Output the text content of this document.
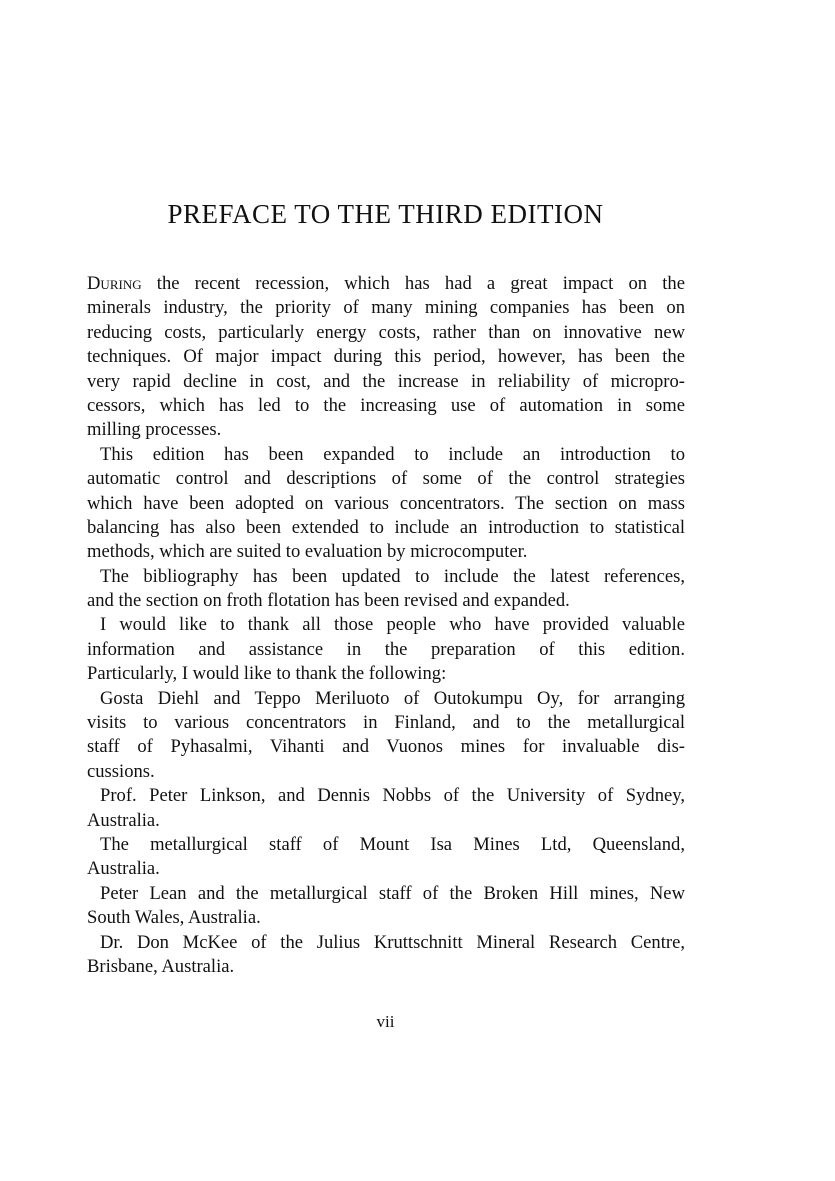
PREFACE TO THE THIRD EDITION
During the recent recession, which has had a great impact on the
minerals industry, the priority of many mining companies has been on
reducing costs, particularly energy costs, rather than on innovative new
techniques. Of major impact during this period, however, has been the
very rapid decline in cost, and the increase in reliability of micropro-
cessors, which has led to the increasing use of automation in some
milling processes.
This edition has been expanded to include an introduction to
automatic control and descriptions of some of the control strategies
which have been adopted on various concentrators. The section on mass
balancing has also been extended to include an introduction to statistical
methods, which are suited to evaluation by microcomputer.
The bibliography has been updated to include the latest references,
and the section on froth flotation has been revised and expanded.
I would like to thank all those people who have provided valuable
information and assistance in the preparation of this edition.
Particularly, I would like to thank the following:
Gosta Diehl and Teppo Meriluoto of Outokumpu Oy, for arranging
visits to various concentrators in Finland, and to the metallurgical
staff of Pyhasalmi, Vihanti and Vuonos mines for invaluable dis-
cussions.
Prof. Peter Linkson, and Dennis Nobbs of the University of Sydney,
Australia.
The metallurgical staff of Mount Isa Mines Ltd, Queensland,
Australia.
Peter Lean and the metallurgical staff of the Broken Hill mines, New
South Wales, Australia.
Dr. Don McKee of the Julius Kruttschnitt Mineral Research Centre,
Brisbane, Australia.
vii
